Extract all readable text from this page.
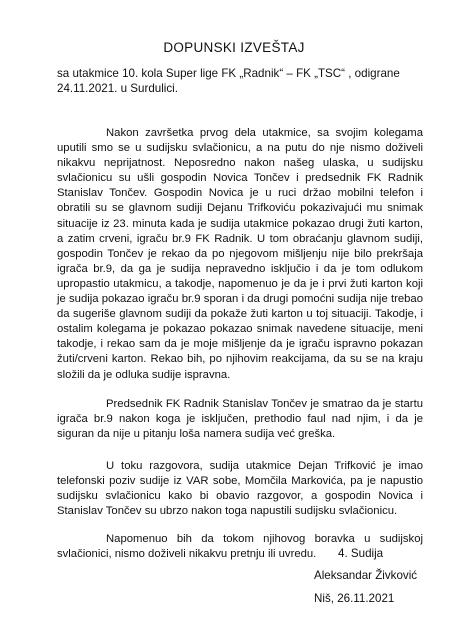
DOPUNSKI IZVEŠTAJ
sa utakmice 10. kola Super lige FK „Radnik“ – FK „TSC“ , odigrane 24.11.2021. u Surdulici.

Nakon završetka prvog dela utakmice, sa svojim kolegama uputili smo se u sudijsku svlačionicu, a na putu do nje nismo doživeli nikakvu neprijatnost. Neposredno nakon našeg ulaska, u sudijsku svlačionicu su ušli gospodin Novica Tončev i predsednik FK Radnik Stanislav Tončev. Gospodin Novica je u ruci držao mobilni telefon i obratili su se glavnom sudiji Dejanu Trifkoviću pokazivajući mu snimak situacije iz 23. minuta kada je sudija utakmice pokazao drugi žuti karton, a zatim crveni, igraču br.9 FK Radnik. U tom obraćanju glavnom sudiji, gospodin Tončev je rekao da po njegovom mišljenju nije bilo prekršaja igrača br.9, da ga je sudija nepravedno isključio i da je tom odlukom upropastio utakmicu, a takodje, napomenuo je da je i prvi žuti karton koji je sudija pokazao igraču br.9 sporan i da drugi pomoćni sudija nije trebao da sugeriše glavnom sudiji da pokaže žuti karton u toj situaciji. Takodje, i ostalim kolegama je pokazao pokazao snimak navedene situacije, meni takodje, i rekao sam da je moje mišljenje da je igraču ispravno pokazan žuti/crveni karton. Rekao bih, po njihovim reakcijama, da su se na kraju složili da je odluka sudije ispravna.

Predsednik FK Radnik Stanislav Tončev je smatrao da je startu igrača br.9 nakon koga je isključen, prethodio faul nad njim, i da je siguran da nije u pitanju loša namera sudija već greška.

U toku razgovora, sudija utakmice Dejan Trifković je imao telefonski poziv sudije iz VAR sobe, Momčila Markovića, pa je napustio sudijsku svlačionicu kako bi obavio razgovor, a gospodin Novica i Stanislav Tončev su ubrzo nakon toga napustili sudijsku svlačionicu.

Napomenuo bih da tokom njihovog boravka u sudijskoj svlačionici, nismo doživeli nikakvu pretnju ili uvredu.	4. Sudija
Aleksandar Živković
Niš, 26.11.2021
